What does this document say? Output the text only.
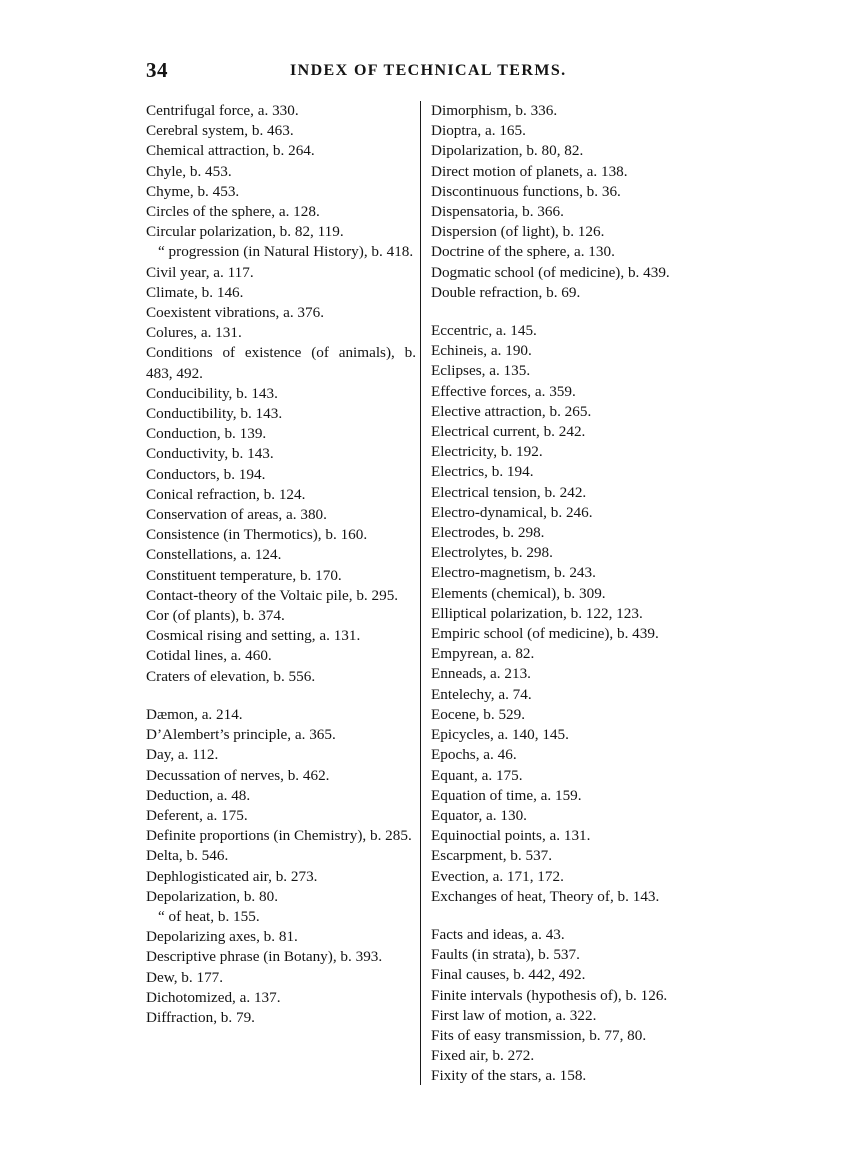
34	INDEX OF TECHNICAL TERMS.
Centrifugal force, a. 330.
Cerebral system, b. 463.
Chemical attraction, b. 264.
Chyle, b. 453.
Chyme, b. 453.
Circles of the sphere, a. 128.
Circular polarization, b. 82, 119.
“ progression (in Natural History), b. 418.
Civil year, a. 117.
Climate, b. 146.
Coexistent vibrations, a. 376.
Colures, a. 131.
Conditions of existence (of animals), b. 483, 492.
Conducibility, b. 143.
Conductibility, b. 143.
Conduction, b. 139.
Conductivity, b. 143.
Conductors, b. 194.
Conical refraction, b. 124.
Conservation of areas, a. 380.
Consistence (in Thermotics), b. 160.
Constellations, a. 124.
Constituent temperature, b. 170.
Contact-theory of the Voltaic pile, b. 295.
Cor (of plants), b. 374.
Cosmical rising and setting, a. 131.
Cotidal lines, a. 460.
Craters of elevation, b. 556.
Dæmon, a. 214.
D’Alembert’s principle, a. 365.
Day, a. 112.
Decussation of nerves, b. 462.
Deduction, a. 48.
Deferent, a. 175.
Definite proportions (in Chemistry), b. 285.
Delta, b. 546.
Dephlogisticated air, b. 273.
Depolarization, b. 80.
“ of heat, b. 155.
Depolarizing axes, b. 81.
Descriptive phrase (in Botany), b. 393.
Dew, b. 177.
Dichotomized, a. 137.
Diffraction, b. 79.
Dimorphism, b. 336.
Dioptra, a. 165.
Dipolarization, b. 80, 82.
Direct motion of planets, a. 138.
Discontinuous functions, b. 36.
Dispensatoria, b. 366.
Dispersion (of light), b. 126.
Doctrine of the sphere, a. 130.
Dogmatic school (of medicine), b. 439.
Double refraction, b. 69.
Eccentric, a. 145.
Echineis, a. 190.
Eclipses, a. 135.
Effective forces, a. 359.
Elective attraction, b. 265.
Electrical current, b. 242.
Electricity, b. 192.
Electrics, b. 194.
Electrical tension, b. 242.
Electro-dynamical, b. 246.
Electrodes, b. 298.
Electrolytes, b. 298.
Electro-magnetism, b. 243.
Elements (chemical), b. 309.
Elliptical polarization, b. 122, 123.
Empiric school (of medicine), b. 439.
Empyrean, a. 82.
Enneads, a. 213.
Entelechy, a. 74.
Eocene, b. 529.
Epicycles, a. 140, 145.
Epochs, a. 46.
Equant, a. 175.
Equation of time, a. 159.
Equator, a. 130.
Equinoctial points, a. 131.
Escarpment, b. 537.
Evection, a. 171, 172.
Exchanges of heat, Theory of, b. 143.
Facts and ideas, a. 43.
Faults (in strata), b. 537.
Final causes, b. 442, 492.
Finite intervals (hypothesis of), b. 126.
First law of motion, a. 322.
Fits of easy transmission, b. 77, 80.
Fixed air, b. 272.
Fixity of the stars, a. 158.
